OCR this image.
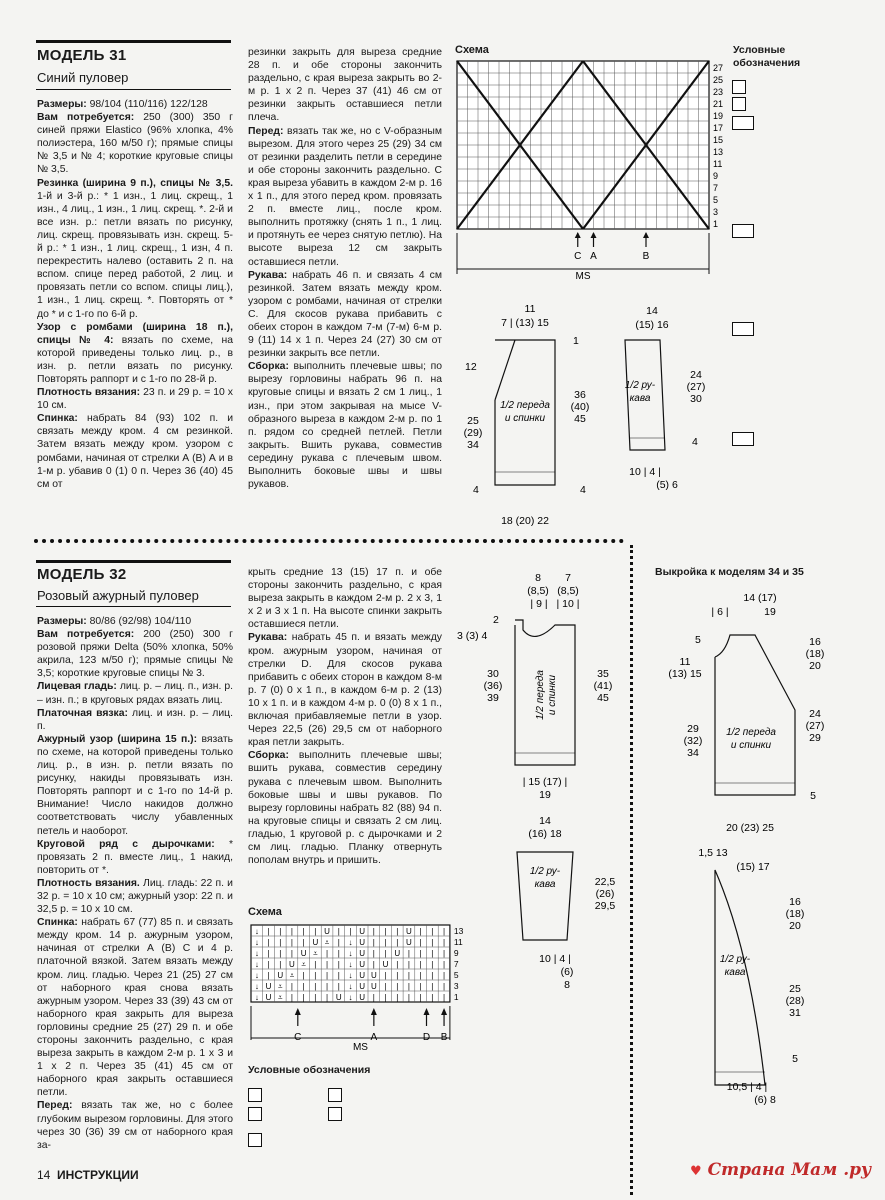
МОДЕЛЬ 31
Синий пуловер

Размеры: 98/104 (110/116) 122/128

Вам потребуется: 250 (300) 350 г синей пряжи Elastico (96% хлопка, 4% полиэстера, 160 м/50 г); прямые спицы № 3,5 и № 4; короткие круговые спицы № 3,5.

Резинка (ширина 9 п.), спицы № 3,5. 1-й и 3-й р.: * 1 изн., 1 лиц. скрещ., 1 изн., 4 лиц., 1 изн., 1 лиц. скрещ. *. 2-й и все изн. р.: петли вязать по рисунку, лиц. скрещ. провязывать изн. скрещ. 5-й р.: * 1 изн., 1 лиц. скрещ., 1 изн, 4 п. перекрестить налево (оставить 2 п. на вспом. спице перед работой, 2 лиц. и провязать петли со вспом. спицы лиц.), 1 изн., 1 лиц. скрещ. *. Повторять от * до * и с 1-го по 6-й р.

Узор с ромбами (ширина 18 п.), спицы № 4: вязать по схеме, на которой приведены только лиц. р., в изн. р. петли вязать по рисунку. Повторять раппорт и с 1-го по 28-й р.

Плотность вязания: 23 п. и 29 р. = 10 х 10 см.

Спинка: набрать 84 (93) 102 п. и связать между кром. 4 см резинкой. Затем вязать между кром. узором с ромбами, начиная от стрелки А (В) А и в 1-м р. убавив 0 (1) 0 п. Через 36 (40) 45 см от

резинки закрыть для выреза средние 28 п. и обе стороны закончить раздельно, с края выреза закрыть во 2-м р. 1 х 2 п. Через 37 (41) 46 см от резинки закрыть оставшиеся петли плеча.

Перед: вязать так же, но с V-образным вырезом. Для этого через 25 (29) 34 см от резинки разделить петли в середине и обе стороны закончить раздельно. С края выреза убавить в каждом 2-м р. 16 х 1 п., для этого перед кром. провязать 2 п. вместе лиц., после кром. выполнить протяжку (снять 1 п., 1 лиц. и протянуть ее через снятую петлю). На высоте выреза 12 см закрыть оставшиеся петли.

Рукава: набрать 46 п. и связать 4 см резинкой. Затем вязать между кром. узором с ромбами, начиная от стрелки С. Для скосов рукава прибавить с обеих сторон в каждом 7-м (7-м) 6-м р. 9 (11) 14 х 1 п. Через 24 (27) 30 см от резинки закрыть все петли.

Сборка: выполнить плечевые швы; по вырезу горловины набрать 96 п. на круговые спицы и вязать 2 см 1 лиц., 1 изн., при этом закрывая на мысе V-образного выреза в каждом 2-м р. по 1 п. рядом со средней петлей. Петли закрыть. Вшить рукава, совместив середину рукава с плечевым швом. Выполнить боковые швы и швы рукавов.

Схема
27
25
23
21
19
17
15
13
11
9
7
5
3
1
MS
C A	B
Условные обозначения
11
7 | (13) 15
1
12
25
(29)
34
36
(40)
45
1/2 переда
и спинки
4	4
18 (20) 22
14
(15) 16
1/2 ру-
кава
24
(27)
30
4
10 | 4 |
(5) 6
МОДЕЛЬ 32
Розовый ажурный пуловер

Размеры: 80/86 (92/98) 104/110

Вам потребуется: 200 (250) 300 г розовой пряжи Delta (50% хлопка, 50% акрила, 123 м/50 г); прямые спицы № 3,5; короткие круговые спицы № 3.

Лицевая гладь: лиц. р. – лиц. п., изн. р. – изн. п.; в круговых рядах вязать лиц.

Платочная вязка: лиц. и изн. р. – лиц. п.

Ажурный узор (ширина 15 п.): вязать по схеме, на которой приведены только лиц. р., в изн. р. петли вязать по рисунку, накиды провязывать изн. Повторять раппорт и с 1-го по 14-й р. Внимание! Число накидов должно соответствовать числу убавленных петель и наоборот.

Круговой ряд с дырочками: * провязать 2 п. вместе лиц., 1 накид, повторить от *.

Плотность вязания. Лиц. гладь: 22 п. и 32 р. = 10 х 10 см; ажурный узор: 22 п. и 32,5 р. = 10 х 10 см.

Спинка: набрать 67 (77) 85 п. и связать между кром. 14 р. ажурным узором, начиная от стрелки А (В) С и 4 р. платочной вязкой. Затем вязать между кром. лиц. гладью. Через 21 (25) 27 см от наборного края снова вязать ажурным узором. Через 33 (39) 43 см от наборного края закрыть для выреза горловины средние 25 (27) 29 п. и обе стороны закончить раздельно, с края выреза закрыть в каждом 2-м р. 1 х 3 и 1 х 2 п. Через 35 (41) 45 см от наборного края закрыть оставшиеся петли.

Перед: вязать так же, но с более глубоким вырезом горловины. Для этого через 30 (36) 39 см от наборного края за-

крыть средние 13 (15) 17 п. и обе стороны закончить раздельно, с края выреза закрыть в каждом 2-м р. 2 х 3, 1 х 2 и 3 х 1 п. На высоте спинки закрыть оставшиеся петли.

Рукава: набрать 45 п. и вязать между кром. ажурным узором, начиная от стрелки D. Для скосов рукава прибавить с обеих сторон в каждом 8-м р. 7 (0) 0 х 1 п., в каждом 6-м р. 2 (13) 10 х 1 п. и в каждом 4-м р. 0 (0) 8 х 1 п., включая прибавляемые петли в узор. Через 22,5 (26) 29,5 см от наборного края петли закрыть.

Сборка: выполнить плечевые швы; вшить рукава, совместив середину рукава с плечевым швом. Выполнить боковые швы и швы рукавов. По вырезу горловины набрать 82 (88) 94 п. на круговые спицы и связать 2 см лиц. гладью, 1 круговой р. с дырочками и 2 см лиц. гладью. Планку отвернуть пополам внутрь и пришить.

Схема
↓ | | | | | U | | U | | | U | | |
↓ | | | | U ⩡ | ↓ U | | | U | | |
↓ | | | U ⩡ | | ↓ U | | U | | | |
↓ | | U ⩡ | | | ↓ U | U | | | | |
↓ | U ⩡ | | | | ↓ U U | | | | | |
↓ U ⩡ | | | | | ↓ U U | | | | | |
↓ U ⩡ | | | | U ↓ U | | | | | | |
13
11
9
7
5
3
1
MS
C	A	D B
Условные обозначения
8
(8,5)
| 9 |
7
(8,5)
| 10 |
2
3 (3) 4
30
(36)
39
35
(41)
45
1/2 переда и спинки
| 15 (17) |
19
14
(16) 18
1/2 ру-
кава	22,5
(26)
29,5
10 | 4 |
(6)
8
Выкройка к моделям 34 и 35
14 (17)
| 6 |	19
5
11
(13) 15
29
(32)
34
16
(18)
20
24
(27)
29
5
1/2 переда
и спинки
20 (23) 25
1,5 13
(15) 17
16
(18)
20
25
(28)
31
5
1/2 ру-
кава
10,5 | 4 |
(6) 8
14 ИНСТРУКЦИИ	♥ Страна Мам .ру
